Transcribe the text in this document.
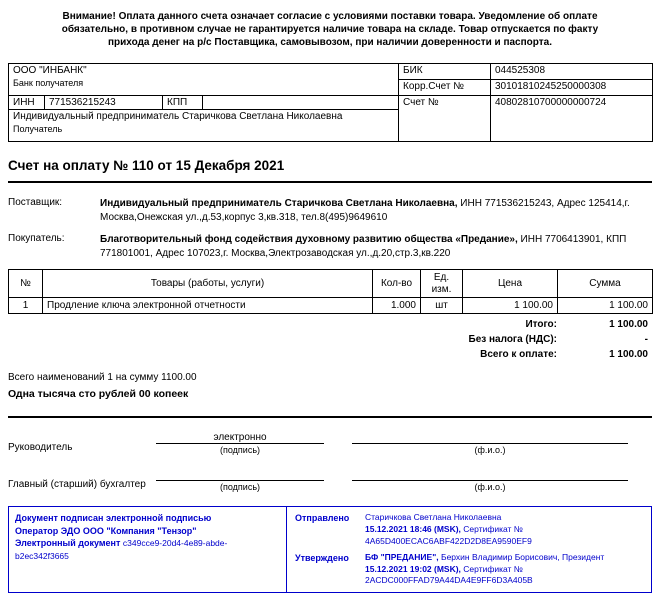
Внимание! Оплата данного счета означает согласие с условиями поставки товара. Уведомление об оплате обязательно, в противном случае не гарантируется наличие товара на складе. Товар отпускается по факту прихода денег на р/с Поставщика, самовывозом, при наличии доверенности и паспорта.
ООО "ИНБАНК"
Банк получателя				БИК	044525308
				Корр.Счет №	30101810245250000308
ИНН	771536215243	КПП		Счет №	40802810700000000724

Индивидуальный предприниматель Старичкова Светлана Николаевна
Получатель					
Счет на оплату № 110 от 15 Декабря 2021
Поставщик:	Индивидуальный предприниматель Старичкова Светлана Николаевна, ИНН 771536215243, Адрес 125414,г. Москва,Онежская ул.,д.53,корпус 3,кв.318, тел.8(495)9649610
Покупатель:	Благотворительный фонд содействия духовному развитию общества «Предание», ИНН 7706413901, КПП 771801001, Адрес 107023,г. Москва,Электрозаводская ул.,д.20,стр.3,кв.220
№	Товары (работы, услуги)	Кол-во	Ед. изм.	Цена	Сумма
1	Продление ключа электронной отчетности	1.000	шт	1 100.00	1 100.00
Итого:	1 100.00
Без налога (НДС):	-
Всего к оплате:	1 100.00
Всего наименований 1 на сумму 1100.00
Одна тысяча сто рублей 00 копеек
Руководитель
электронно
(подпись)	(ф.и.о.)
Главный (старший) бухгалтер	(подпись)	(ф.и.о.)
Документ подписан электронной подписью
Оператор ЭДО ООО "Компания "Тензор"
Электронный документ c349cce9-20d4-4e89-abde-b2ec342f3665
Отправлено	Старичкова Светлана Николаевна
15.12.2021 18:46 (MSK), Сертификат № 4A65D400ECAC6ABF422D2D8EA9590EF9
Утверждено	БФ "ПРЕДАНИЕ", Берхин Владимир Борисович, Президент
15.12.2021 19:02 (MSK), Сертификат № 2ACDC000FFAD79A44DA4E9FF6D3A405B
